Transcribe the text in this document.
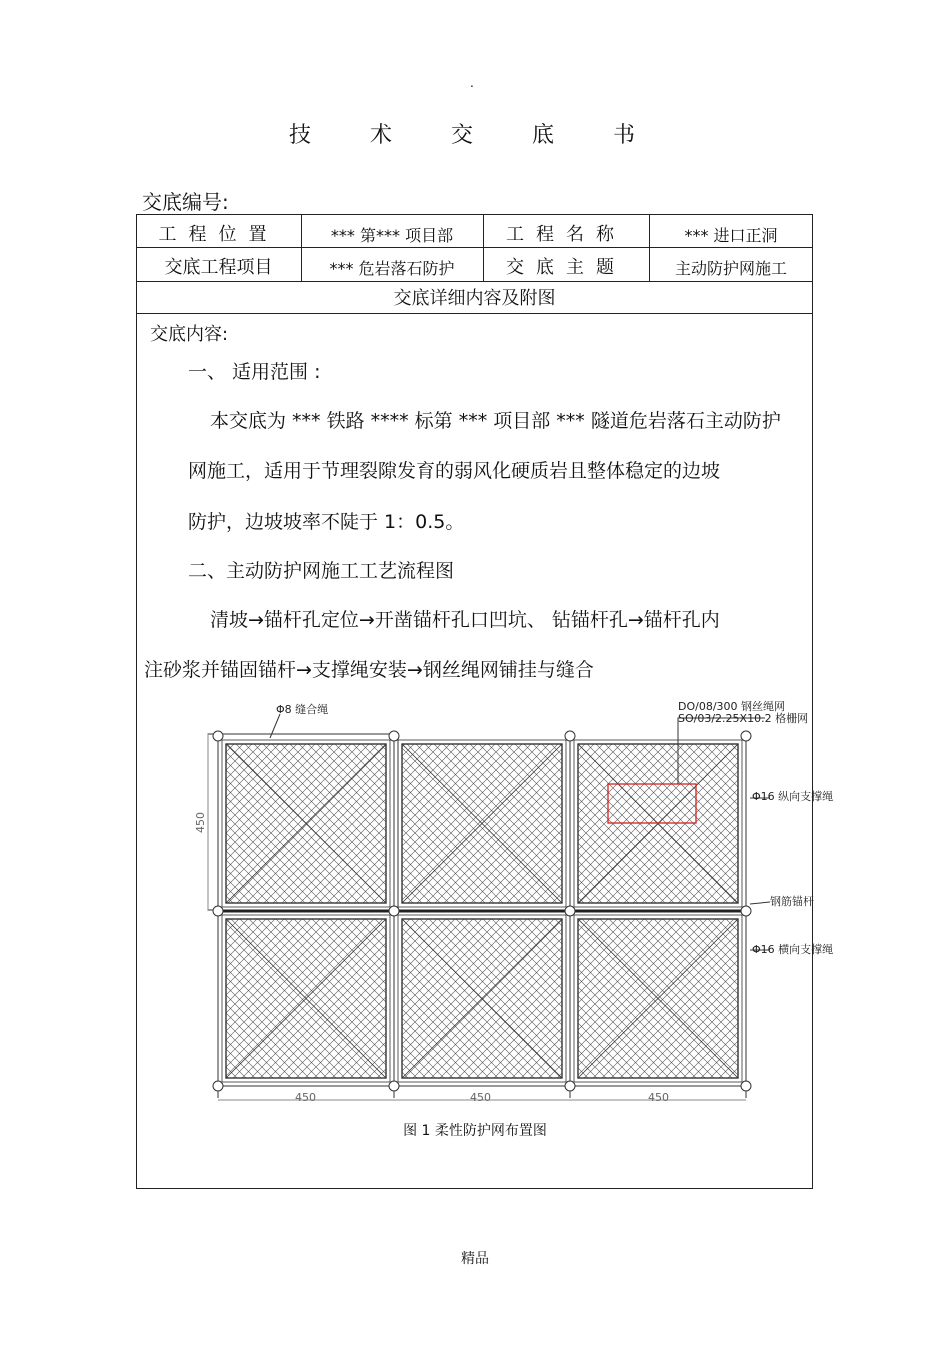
.
技 术 交 底 书
交底编号:
工程位置	*** 第*** 项目部	工程名称	*** 进口正洞
交底工程项目	*** 危岩落石防护	交底主题	主动防护网施工
交底详细内容及附图
交底内容:
一、 适用范围 :
本交底为 *** 铁路 **** 标第 *** 项目部 *** 隧道危岩落石主动防护
网施工，适用于节理裂隙发育的弱风化硬质岩且整体稳定的边坡
防护，边坡坡率不陡于 1：0.5。
二、主动防护网施工工艺流程图
清坡→锚杆孔定位→开凿锚杆孔口凹坑、 钻锚杆孔→锚杆孔内
注砂浆并锚固锚杆→支撑绳安装→钢丝绳网铺挂与缝合
Φ8 缝合绳	DO/08/300 钢丝绳网
SO/03/2.25X10.2 格栅网
Φ16 纵向支撑绳
钢筋锚杆
Φ16 横向支撑绳
450
450	450	450
图 1 柔性防护网布置图
精品
